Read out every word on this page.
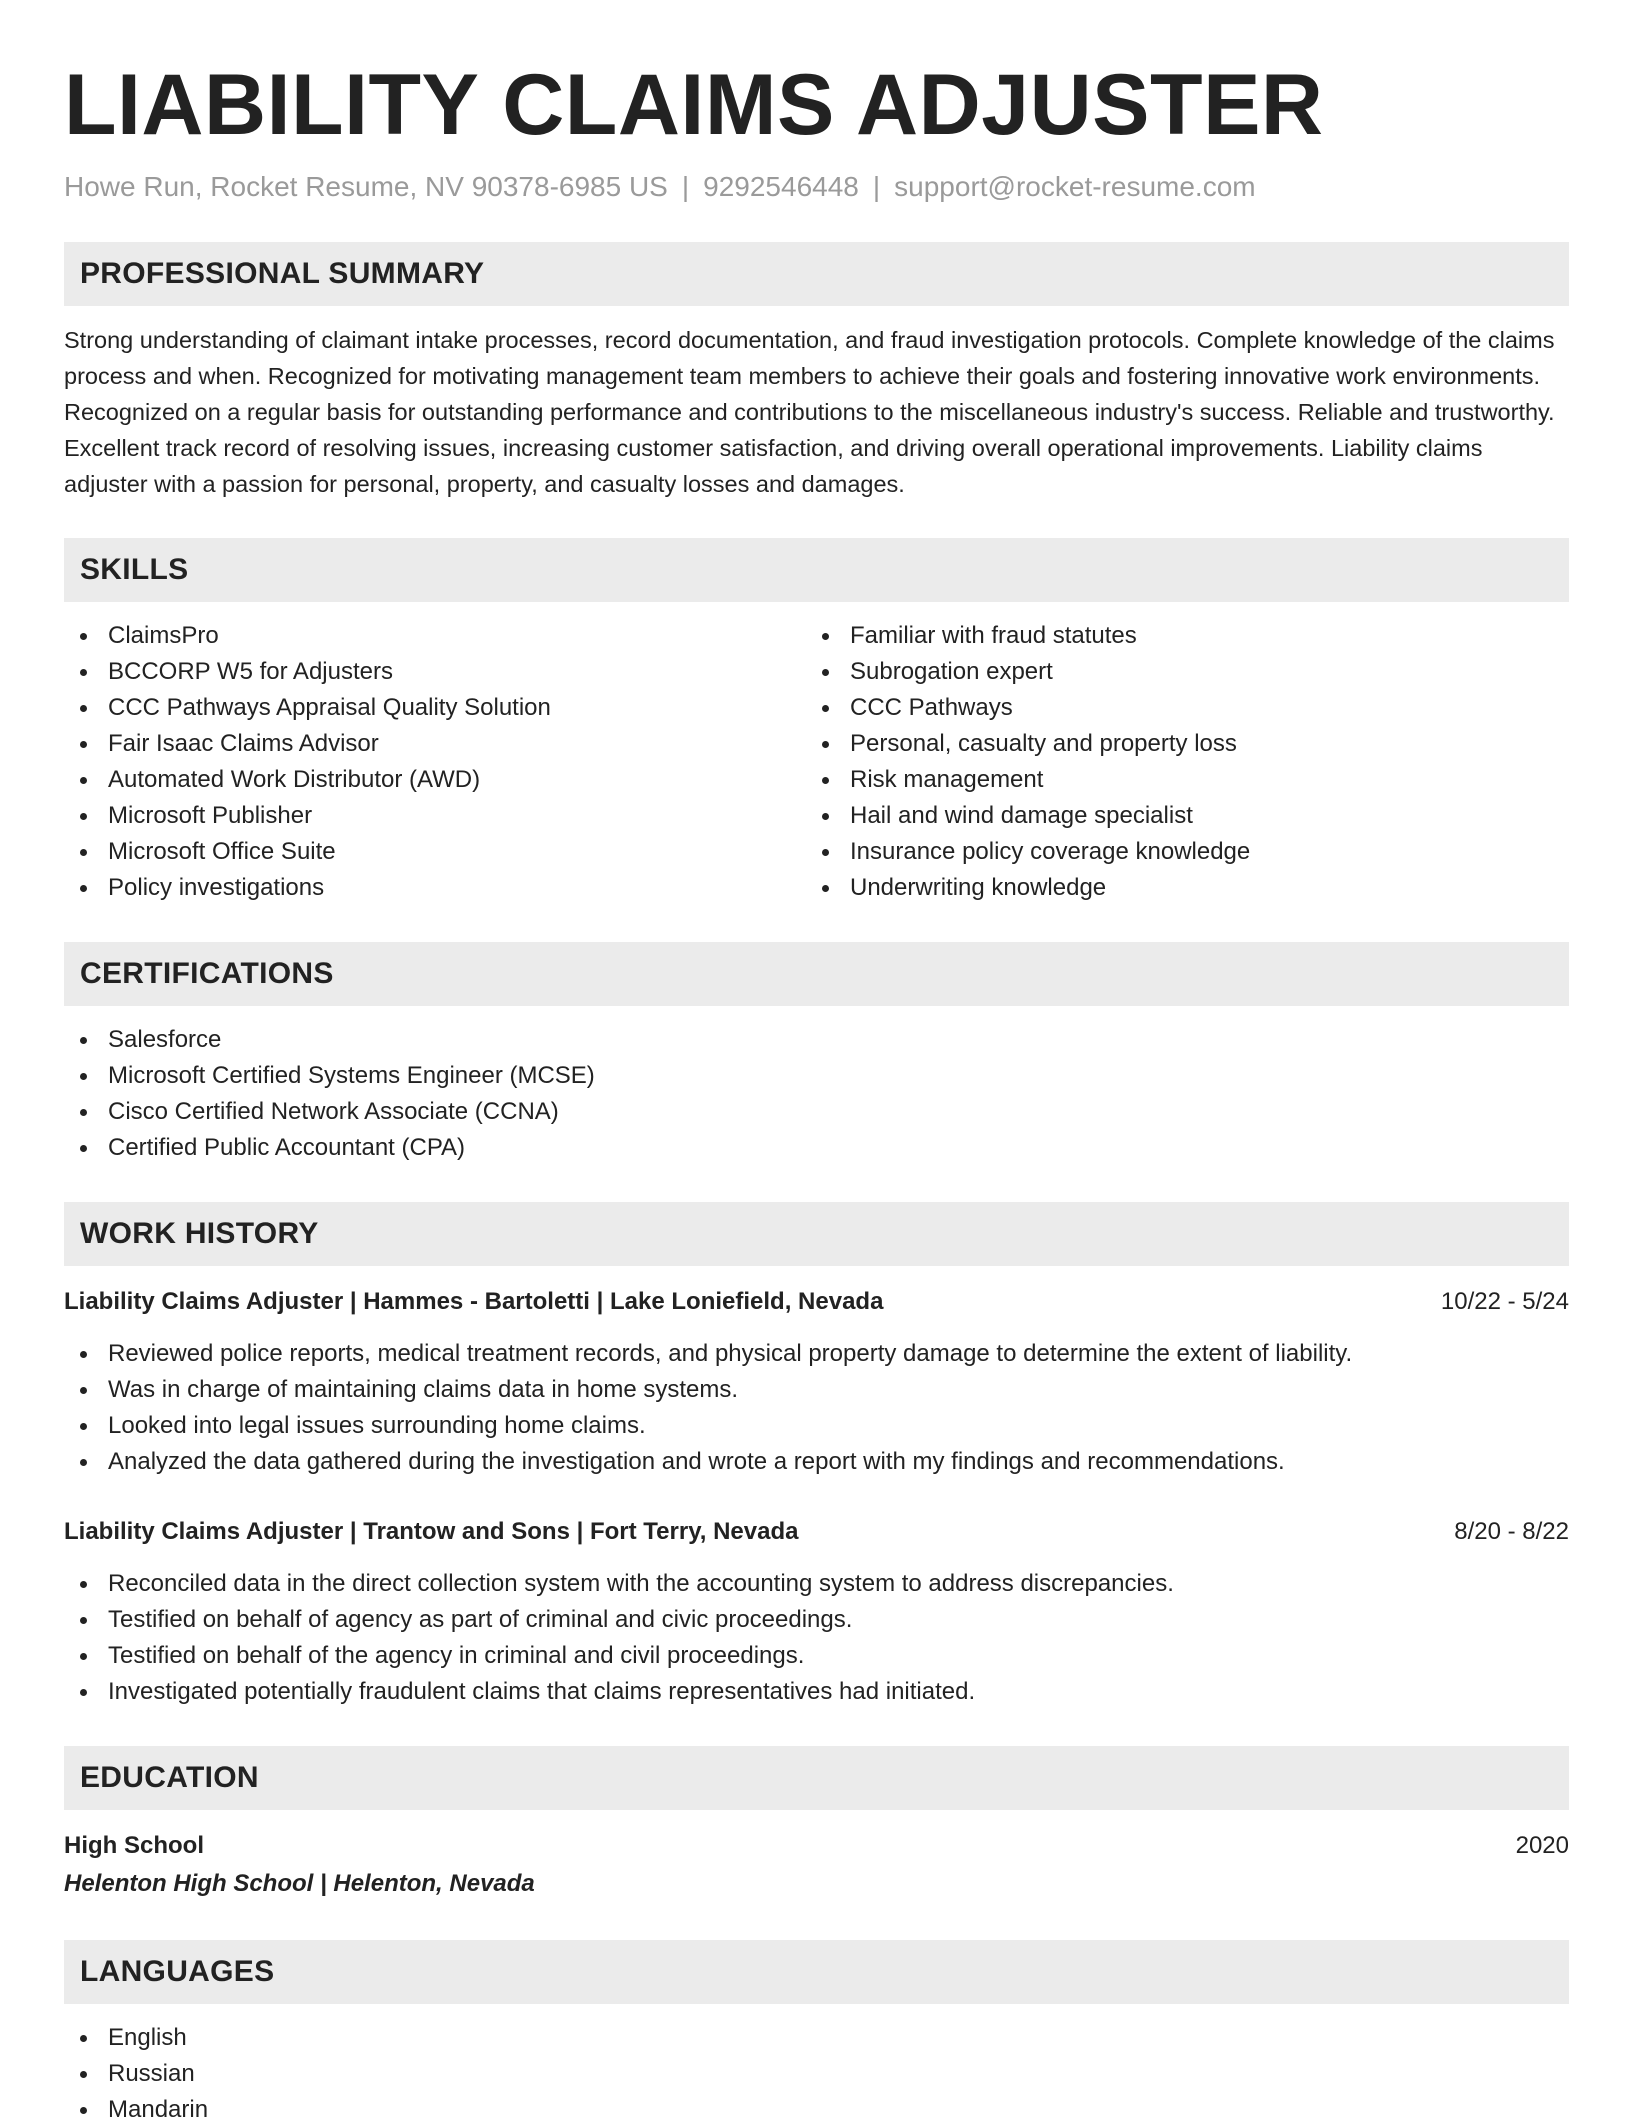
LIABILITY CLAIMS ADJUSTER
Howe Run, Rocket Resume, NV 90378-6985 US | 9292546448 | support@rocket-resume.com
PROFESSIONAL SUMMARY

Strong understanding of claimant intake processes, record documentation, and fraud investigation protocols. Complete knowledge of the claims process and when. Recognized for motivating management team members to achieve their goals and fostering innovative work environments. Recognized on a regular basis for outstanding performance and contributions to the miscellaneous industry's success. Reliable and trustworthy. Excellent track record of resolving issues, increasing customer satisfaction, and driving overall operational improvements. Liability claims adjuster with a passion for personal, property, and casualty losses and damages.

SKILLS
ClaimsPro
BCCORP W5 for Adjusters
CCC Pathways Appraisal Quality Solution
Fair Isaac Claims Advisor
Automated Work Distributor (AWD)
Microsoft Publisher
Microsoft Office Suite
Policy investigations
Familiar with fraud statutes
Subrogation expert
CCC Pathways
Personal, casualty and property loss
Risk management
Hail and wind damage specialist
Insurance policy coverage knowledge
Underwriting knowledge
CERTIFICATIONS
Salesforce
Microsoft Certified Systems Engineer (MCSE)
Cisco Certified Network Associate (CCNA)
Certified Public Accountant (CPA)
WORK HISTORY
Liability Claims Adjuster | Hammes - Bartoletti | Lake Loniefield, Nevada	10/22 - 5/24
Reviewed police reports, medical treatment records, and physical property damage to determine the extent of liability.
Was in charge of maintaining claims data in home systems.
Looked into legal issues surrounding home claims.
Analyzed the data gathered during the investigation and wrote a report with my findings and recommendations.
Liability Claims Adjuster | Trantow and Sons | Fort Terry, Nevada	8/20 - 8/22
Reconciled data in the direct collection system with the accounting system to address discrepancies.
Testified on behalf of agency as part of criminal and civic proceedings.
Testified on behalf of the agency in criminal and civil proceedings.
Investigated potentially fraudulent claims that claims representatives had initiated.
EDUCATION
High School	2020
Helenton High School | Helenton, Nevada
LANGUAGES
English
Russian
Mandarin
